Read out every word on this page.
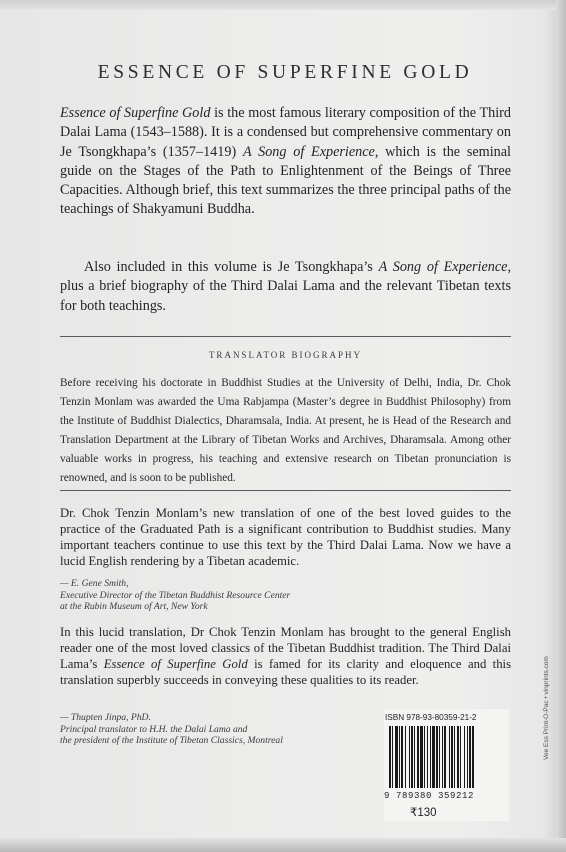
ESSENCE OF SUPERFINE GOLD
Essence of Superfine Gold is the most famous literary composition of the Third Dalai Lama (1543–1588). It is a condensed but comprehensive commentary on Je Tsongkhapa’s (1357–1419) A Song of Experience, which is the seminal guide on the Stages of the Path to Enlightenment of the Beings of Three Capacities. Although brief, this text summarizes the three principal paths of the teachings of Shakyamuni Buddha.
Also included in this volume is Je Tsongkhapa’s A Song of Experience, plus a brief biography of the Third Dalai Lama and the relevant Tibetan texts for both teachings.
TRANSLATOR BIOGRAPHY
Before receiving his doctorate in Buddhist Studies at the University of Delhi, India, Dr. Chok Tenzin Monlam was awarded the Uma Rabjampa (Master’s degree in Buddhist Philosophy) from the Institute of Buddhist Dialectics, Dharamsala, India. At present, he is Head of the Research and Translation Department at the Library of Tibetan Works and Archives, Dharamsala. Among other valuable works in progress, his teaching and extensive research on Tibetan pronunciation is renowned, and is soon to be published.
Dr. Chok Tenzin Monlam’s new translation of one of the best loved guides to the practice of the Graduated Path is a significant contribution to Buddhist studies. Many important teachers continue to use this text by the Third Dalai Lama. Now we have a lucid English rendering by a Tibetan academic.
— E. Gene Smith,
Executive Director of the Tibetan Buddhist Resource Center
at the Rubin Museum of Art, New York
In this lucid translation, Dr Chok Tenzin Monlam has brought to the general English reader one of the most loved classics of the Tibetan Buddhist tradition. The Third Dalai Lama’s Essence of Superfine Gold is famed for its clarity and eloquence and this translation superbly succeeds in conveying these qualities to its reader.
— Thupten Jinpa, PhD.
Principal translator to H.H. the Dalai Lama and
the president of the Institute of Tibetan Classics, Montreal
ISBN 978-93-80359-21-2
9 789380 359212
₹130
Vee Ess Print-O-Pac • vinprints.com
